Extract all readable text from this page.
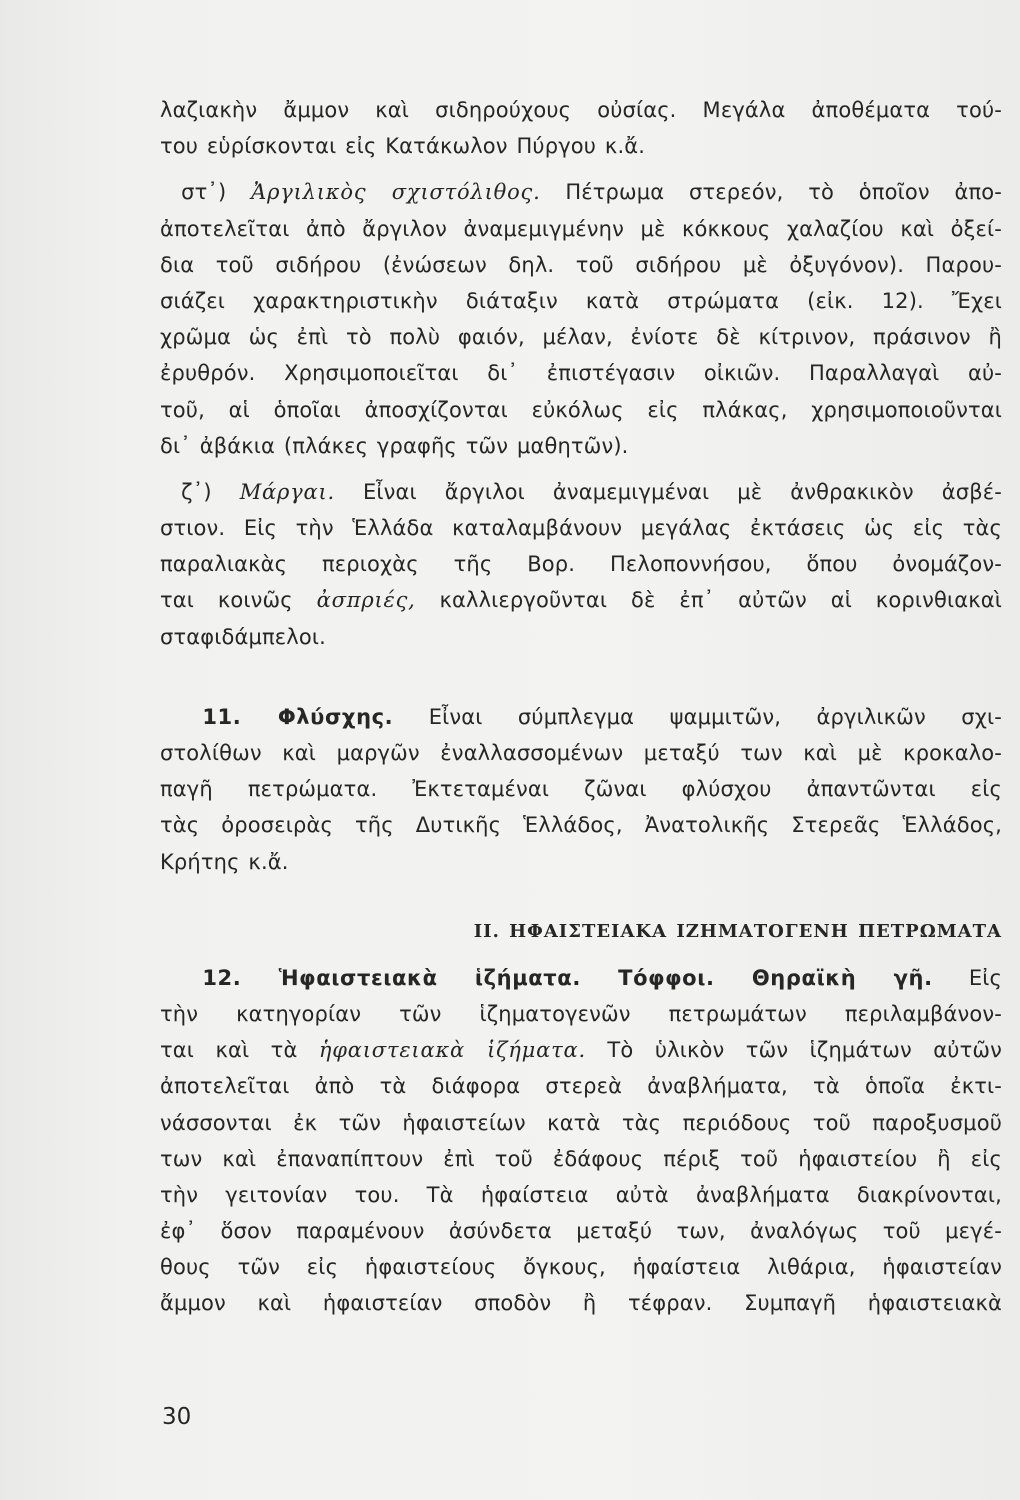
λαζιακὴν ἄμμον καὶ σιδηρούχους οὐσίας. Μεγάλα ἀποθέματα τού-
του εὑρίσκονται εἰς Κατάκωλον Πύργου κ.ἄ.
 στ᾽) Ἀργιλικὸς σχιστόλιθος. Πέτρωμα στερεόν, τὸ ὁποῖον ἀπο-
ἀποτελεῖται ἀπὸ ἄργιλον ἀναμεμιγμένην μὲ κόκκους χαλαζίου καὶ ὀξεί-
δια τοῦ σιδήρου (ἐνώσεων δηλ. τοῦ σιδήρου μὲ ὀξυγόνον). Παρου-
σιάζει χαρακτηριστικὴν διάταξιν κατὰ στρώματα (εἰκ. 12). Ἔχει
χρῶμα ὡς ἐπὶ τὸ πολὺ φαιόν, μέλαν, ἐνίοτε δὲ κίτρινον, πράσινον ἢ
ἐρυθρόν. Χρησιμοποιεῖται δι᾽ ἐπιστέγασιν οἰκιῶν. Παραλλαγαὶ αὐ-
τοῦ, αἱ ὁποῖαι ἀποσχίζονται εὐκόλως εἰς πλάκας, χρησιμοποιοῦνται
δι᾽ ἀβάκια (πλάκες γραφῆς τῶν μαθητῶν).
 ζ᾽) Μάργαι. Εἶναι ἄργιλοι ἀναμεμιγμέναι μὲ ἀνθρακικὸν ἀσβέ-
στιον. Εἰς τὴν Ἑλλάδα καταλαμβάνουν μεγάλας ἐκτάσεις ὡς εἰς τὰς
παραλιακὰς περιοχὰς τῆς Βορ. Πελοποννήσου, ὅπου ὀνομάζον-
ται κοινῶς ἀσπριές, καλλιεργοῦνται δὲ ἐπ᾽ αὐτῶν αἱ κορινθιακαὶ
σταφιδάμπελοι.
  11. Φλύσχης. Εἶναι σύμπλεγμα ψαμμιτῶν, ἀργιλικῶν σχι-
στολίθων καὶ μαργῶν ἐναλλασσομένων μεταξύ των καὶ μὲ κροκαλο-
παγῆ πετρώματα. Ἐκτεταμέναι ζῶναι φλύσχου ἀπαντῶνται εἰς
τὰς ὀροσειρὰς τῆς Δυτικῆς Ἑλλάδος, Ἀνατολικῆς Στερεᾶς Ἑλλάδος,
Κρήτης κ.ἄ.
II. ΗΦΑΙΣΤΕΙΑΚΑ ΙΖΗΜΑΤΟΓΕΝΗ ΠΕΤΡΩΜΑΤΑ
  12. Ἡφαιστειακὰ ἱζήματα. Τόφφοι. Θηραϊκὴ γῆ. Εἰς
τὴν κατηγορίαν τῶν ἱζηματογενῶν πετρωμάτων περιλαμβάνον-
ται καὶ τὰ ἡφαιστειακὰ ἱζήματα. Τὸ ὑλικὸν τῶν ἱζημάτων αὐτῶν
ἀποτελεῖται ἀπὸ τὰ διάφορα στερεὰ ἀναβλήματα, τὰ ὁποῖα ἐκτι-
νάσσονται ἐκ τῶν ἡφαιστείων κατὰ τὰς περιόδους τοῦ παροξυσμοῦ
των καὶ ἐπαναπίπτουν ἐπὶ τοῦ ἐδάφους πέριξ τοῦ ἡφαιστείου ἢ εἰς
τὴν γειτονίαν του. Τὰ ἡφαίστεια αὐτὰ ἀναβλήματα διακρίνονται,
ἐφ᾽ ὅσον παραμένουν ἀσύνδετα μεταξύ των, ἀναλόγως τοῦ μεγέ-
θους τῶν εἰς ἡφαιστείους ὄγκους, ἡφαίστεια λιθάρια, ἡφαιστείαν
ἄμμον καὶ ἡφαιστείαν σποδὸν ἢ τέφραν. Συμπαγῆ ἡφαιστειακὰ
30
